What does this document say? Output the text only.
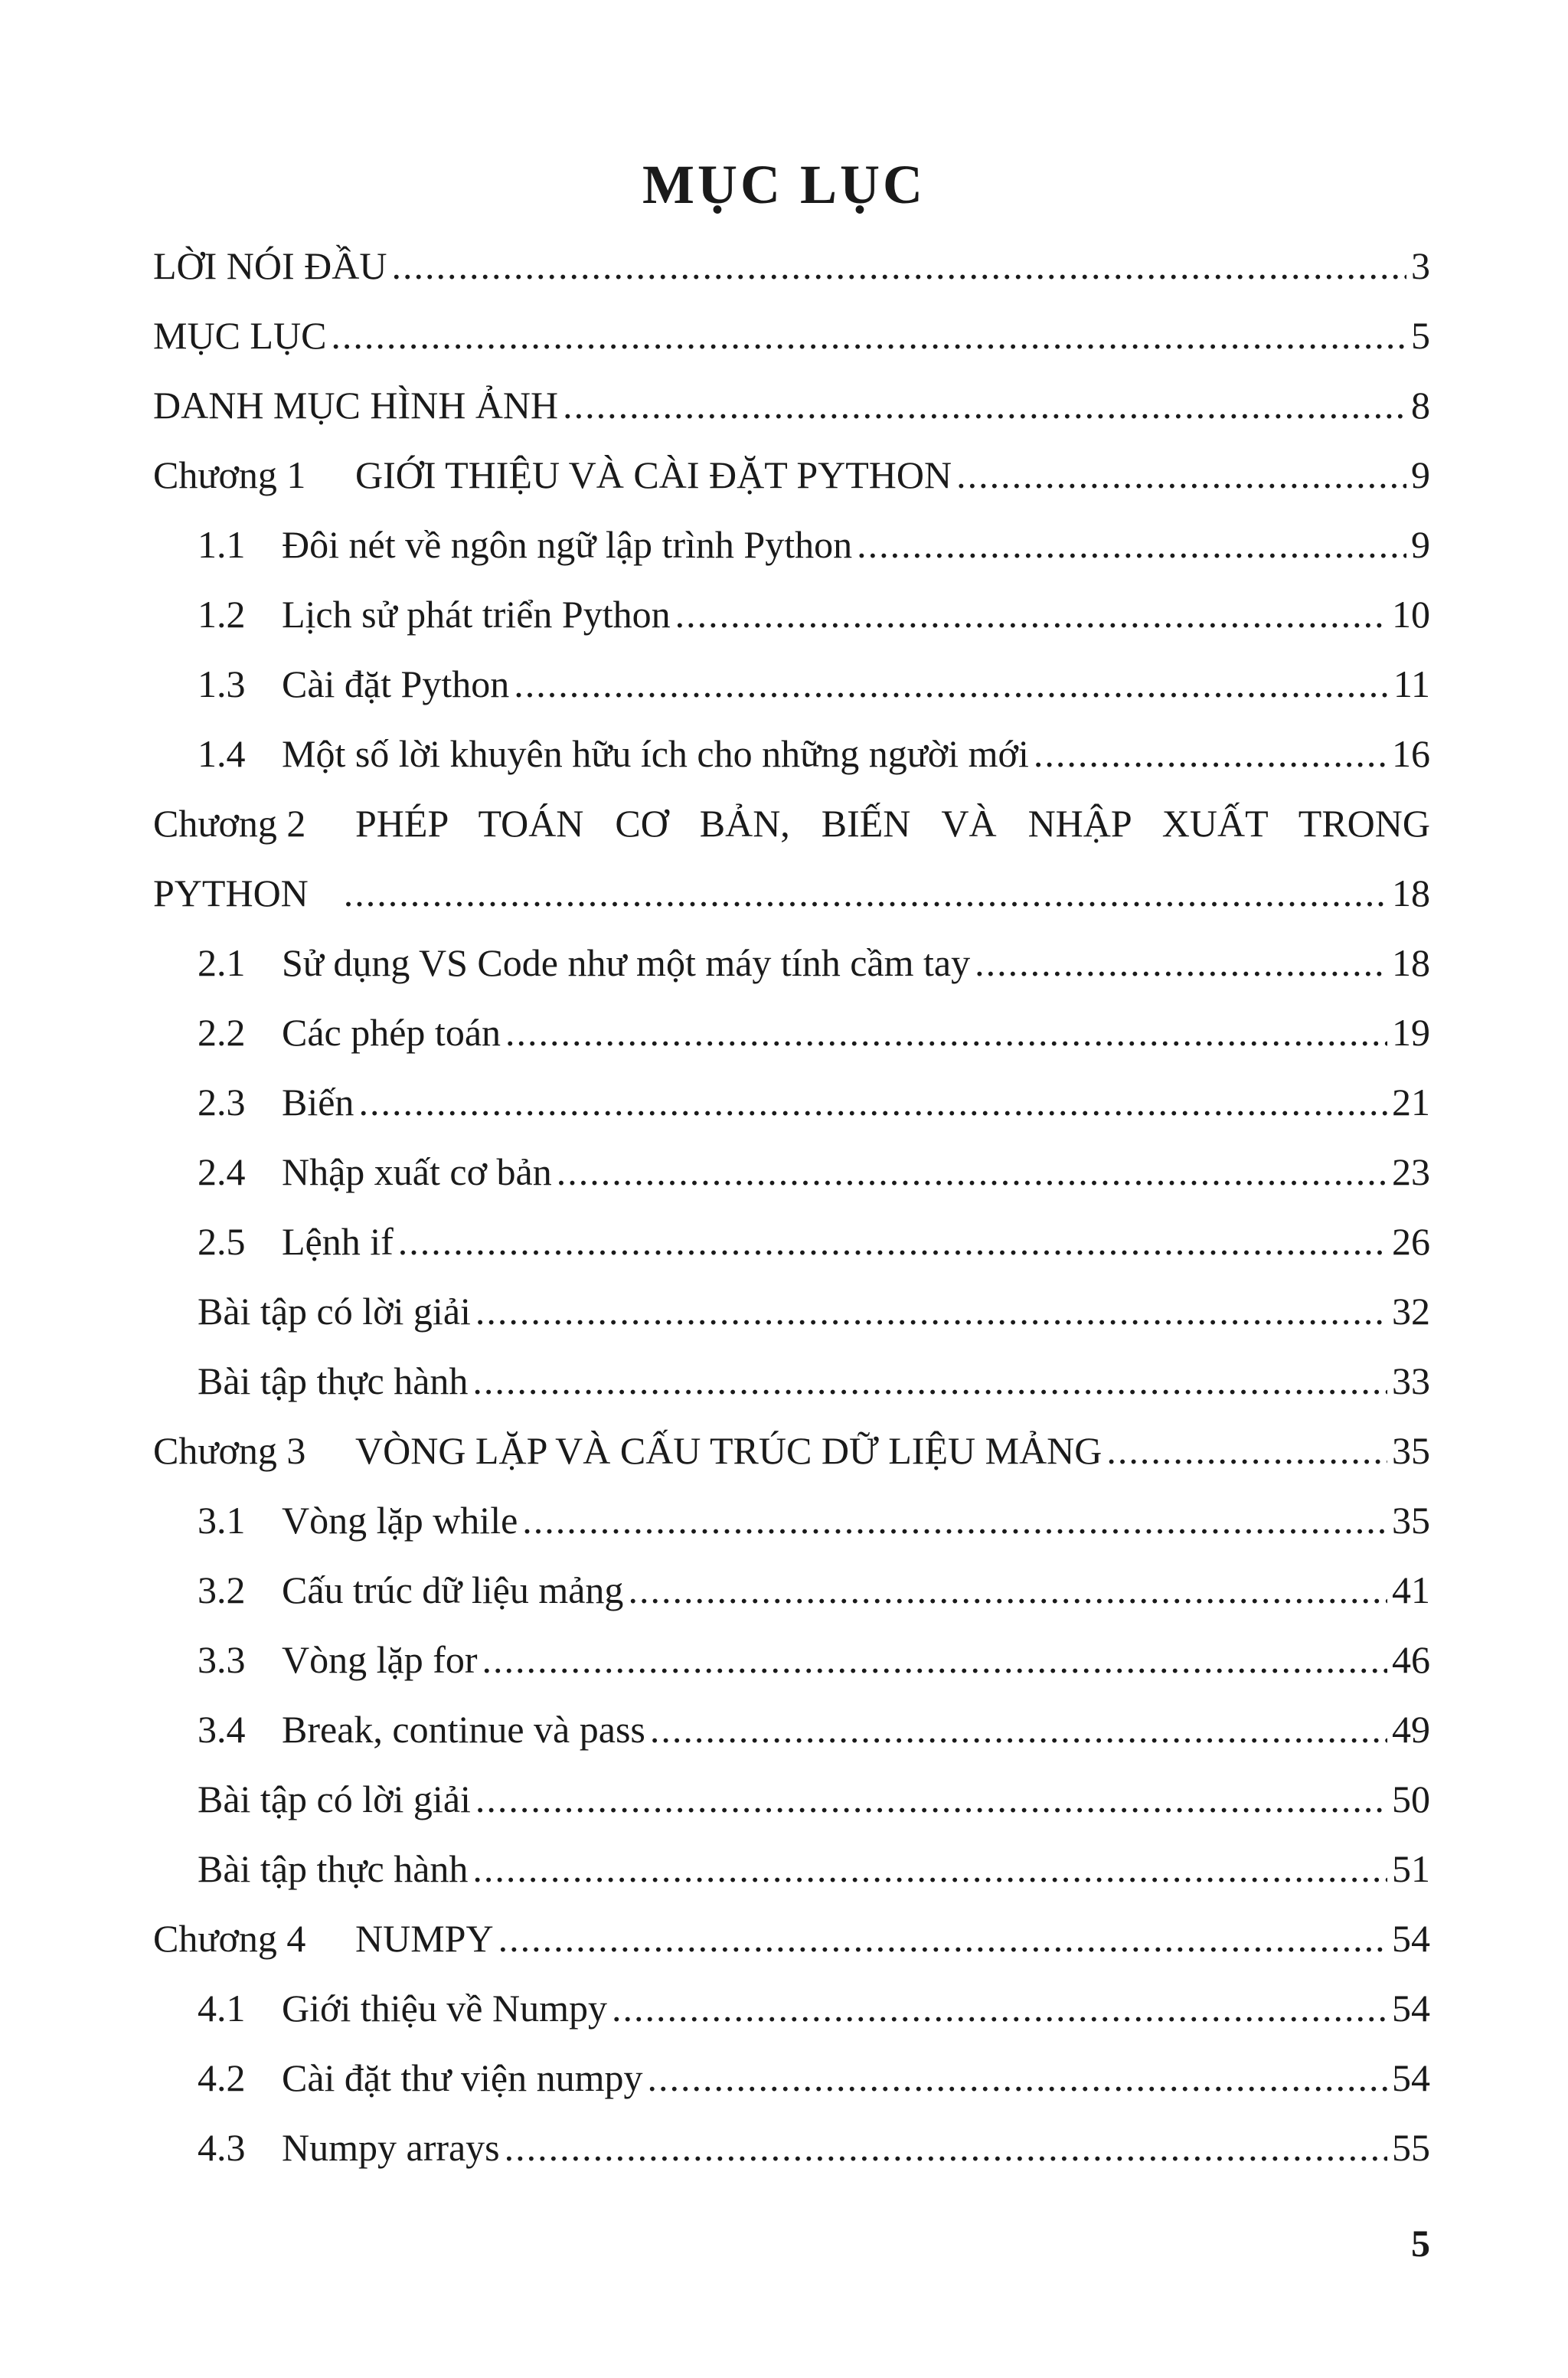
MỤC LỤC
LỜI NÓI ĐẦU .....	3
MỤC LỤC .....	5
DANH MỤC HÌNH ẢNH .....	8
Chương 1	GIỚI THIỆU VÀ CÀI ĐẶT PYTHON .....	9
1.1 Đôi nét về ngôn ngữ lập trình Python .....	9
1.2 Lịch sử phát triển Python .....	10
1.3 Cài đặt Python .....	11
1.4 Một số lời khuyên hữu ích cho những người mới .....	16
Chương 2	PHÉP TOÁN CƠ BẢN, BIẾN VÀ NHẬP XUẤT TRONG
PYTHON .....	18
2.1 Sử dụng VS Code như một máy tính cầm tay .....	18
2.2 Các phép toán .....	19
2.3 Biến .....	21
2.4 Nhập xuất cơ bản .....	23
2.5 Lệnh if .....	26
Bài tập có lời giải .....	32
Bài tập thực hành .....	33
Chương 3	VÒNG LẶP VÀ CẤU TRÚC DỮ LIỆU MẢNG .....	35
3.1 Vòng lặp while .....	35
3.2 Cấu trúc dữ liệu mảng .....	41
3.3 Vòng lặp for .....	46
3.4 Break, continue và pass .....	49
Bài tập có lời giải .....	50
Bài tập thực hành .....	51
Chương 4	NUMPY .....	54
4.1 Giới thiệu về Numpy .....	54
4.2 Cài đặt thư viện numpy .....	54
4.3 Numpy arrays .....	55
5
